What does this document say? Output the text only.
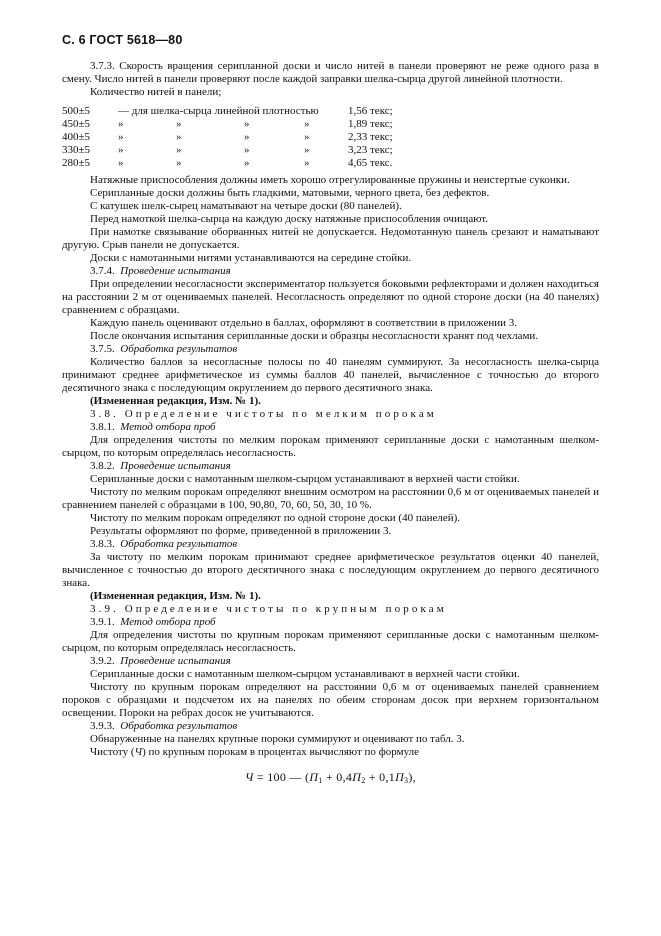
С. 6 ГОСТ 5618—80

3.7.3. Скорость вращения серипланной доски и число нитей в панели проверяют не реже одного раза в смену. Число нитей в панели проверяют после каждой заправки шелка-сырца другой линейной плотности.

Количество нитей в панели;

500±5	— для шелка-сырца линейной плотностью				1,56 текс;
450±5	»	»	»	»	1,89 текс;
400±5	»	»	»	»	2,33 текс;
330±5	»	»	»	»	3,23 текс;
280±5	»	»	»	»	4,65 текс.

Натяжные приспособления должны иметь хорошо отрегулированные пружины и неистертые суконки.

Серипланные доски должны быть гладкими, матовыми, черного цвета, без дефектов.

С катушек шелк-сырец наматывают на четыре доски (80 панелей).

Перед намоткой шелка-сырца на каждую доску натяжные приспособления очищают.

При намотке связывание оборванных нитей не допускается. Недомотанную панель срезают и наматывают другую. Срыв панели не допускается.

Доски с намотанными нитями устанавливаются на середине стойки.

3.7.4. Проведение испытания

При определении несогласности экспериментатор пользуется боковыми рефлекторами и должен находиться на расстоянии 2 м от оцениваемых панелей. Несогласность определяют по одной стороне доски (на 40 панелях) сравнением с образцами.

Каждую панель оценивают отдельно в баллах, оформляют в соответствии в приложении 3.

После окончания испытания серипланные доски и образцы несогласности хранят под чехлами.

3.7.5. Обработка результатов

Количество баллов за несогласные полосы по 40 панелям суммируют. За несогласность шелка-сырца принимают среднее арифметическое из суммы баллов 40 панелей, вычисленное с точностью до второго десятичного знака с последующим округлением до первого десятичного знака.

(Измененная редакция, Изм. № 1).

3.8. Определение чистоты по мелким порокам

3.8.1. Метод отбора проб

Для определения чистоты по мелким порокам применяют серипланные доски с намотанным шелком-сырцом, по которым определялась несогласность.

3.8.2. Проведение испытания

Серипланные доски с намотанным шелком-сырцом устанавливают в верхней части стойки.

Чистоту по мелким порокам определяют внешним осмотром на расстоянии 0,6 м от оцениваемых панелей и сравнением панелей с образцами в 100, 90,80, 70, 60, 50, 30, 10 %.

Чистоту по мелким порокам определяют по одной стороне доски (40 панелей).

Результаты оформляют по форме, приведенной в приложении 3.

3.8.3. Обработка результатов

За чистоту по мелким порокам принимают среднее арифметическое результатов оценки 40 панелей, вычисленное с точностью до второго десятичного знака с последующим округлением до первого десятичного знака.

(Измененная редакция, Изм. № 1).

3.9. Определение чистоты по крупным порокам

3.9.1. Метод отбора проб

Для определения чистоты по крупным порокам применяют серипланные доски с намотанным шелком-сырцом, по которым определялась несогласность.

3.9.2. Проведение испытания

Серипланные доски с намотанным шелком-сырцом устанавливают в верхней части стойки.

Чистоту по крупным порокам определяют на расстоянии 0,6 м от оцениваемых панелей сравнением пороков с образцами и подсчетом их на панелях по обеим сторонам досок при верхнем горизонтальном освещении. Пороки на ребрах досок не учитываются.

3.9.3. Обработка результатов

Обнаруженные на панелях крупные пороки суммируют и оценивают по табл. 3.

Чистоту (Ч) по крупным порокам в процентах вычисляют по формуле

Ч = 100 — $(П_1 + 0,4П_2 + 0,1П_3)$,
